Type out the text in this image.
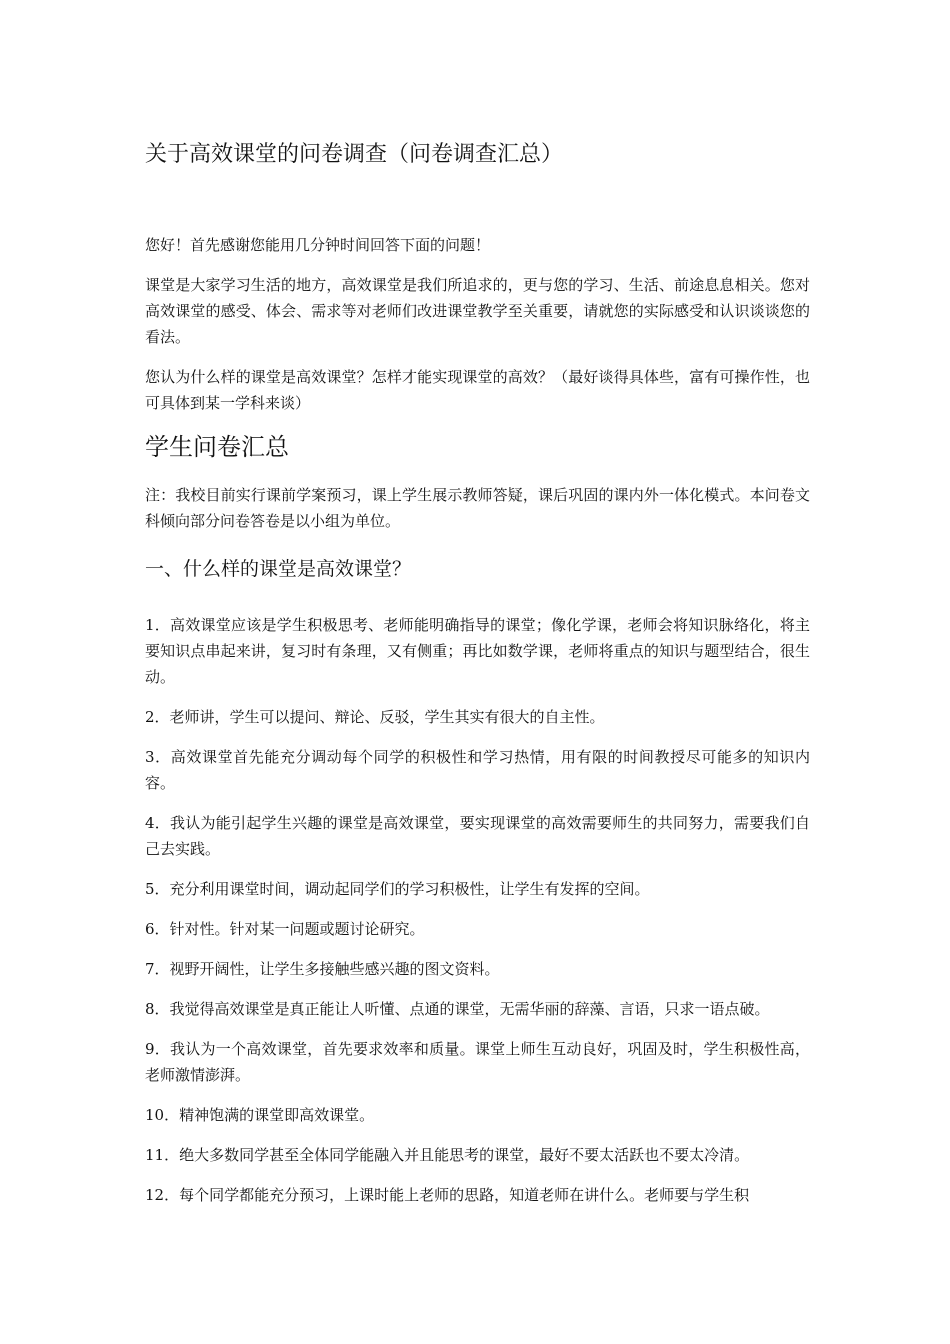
关于高效课堂的问卷调查（问卷调查汇总）

您好！首先感谢您能用几分钟时间回答下面的问题！

课堂是大家学习生活的地方，高效课堂是我们所追求的，更与您的学习、生活、前途息息相关。您对高效课堂的感受、体会、需求等对老师们改进课堂教学至关重要，请就您的实际感受和认识谈谈您的看法。

您认为什么样的课堂是高效课堂？怎样才能实现课堂的高效？（最好谈得具体些，富有可操作性，也可具体到某一学科来谈）

学生问卷汇总

注：我校目前实行课前学案预习，课上学生展示教师答疑，课后巩固的课内外一体化模式。本问卷文科倾向部分问卷答卷是以小组为单位。

一、什么样的课堂是高效课堂？
1．高效课堂应该是学生积极思考、老师能明确指导的课堂；像化学课，老师会将知识脉络化，将主要知识点串起来讲，复习时有条理，又有侧重；再比如数学课，老师将重点的知识与题型结合，很生动。
2．老师讲，学生可以提问、辩论、反驳，学生其实有很大的自主性。
3．高效课堂首先能充分调动每个同学的积极性和学习热情，用有限的时间教授尽可能多的知识内容。
4．我认为能引起学生兴趣的课堂是高效课堂，要实现课堂的高效需要师生的共同努力，需要我们自己去实践。
5．充分利用课堂时间，调动起同学们的学习积极性，让学生有发挥的空间。
6．针对性。针对某一问题或题讨论研究。
7．视野开阔性，让学生多接触些感兴趣的图文资料。
8．我觉得高效课堂是真正能让人听懂、点通的课堂，无需华丽的辞藻、言语，只求一语点破。
9．我认为一个高效课堂，首先要求效率和质量。课堂上师生互动良好，巩固及时，学生积极性高，老师激情澎湃。
10．精神饱满的课堂即高效课堂。
11．绝大多数同学甚至全体同学能融入并且能思考的课堂，最好不要太活跃也不要太冷清。
12．每个同学都能充分预习，上课时能上老师的思路，知道老师在讲什么。老师要与学生积
